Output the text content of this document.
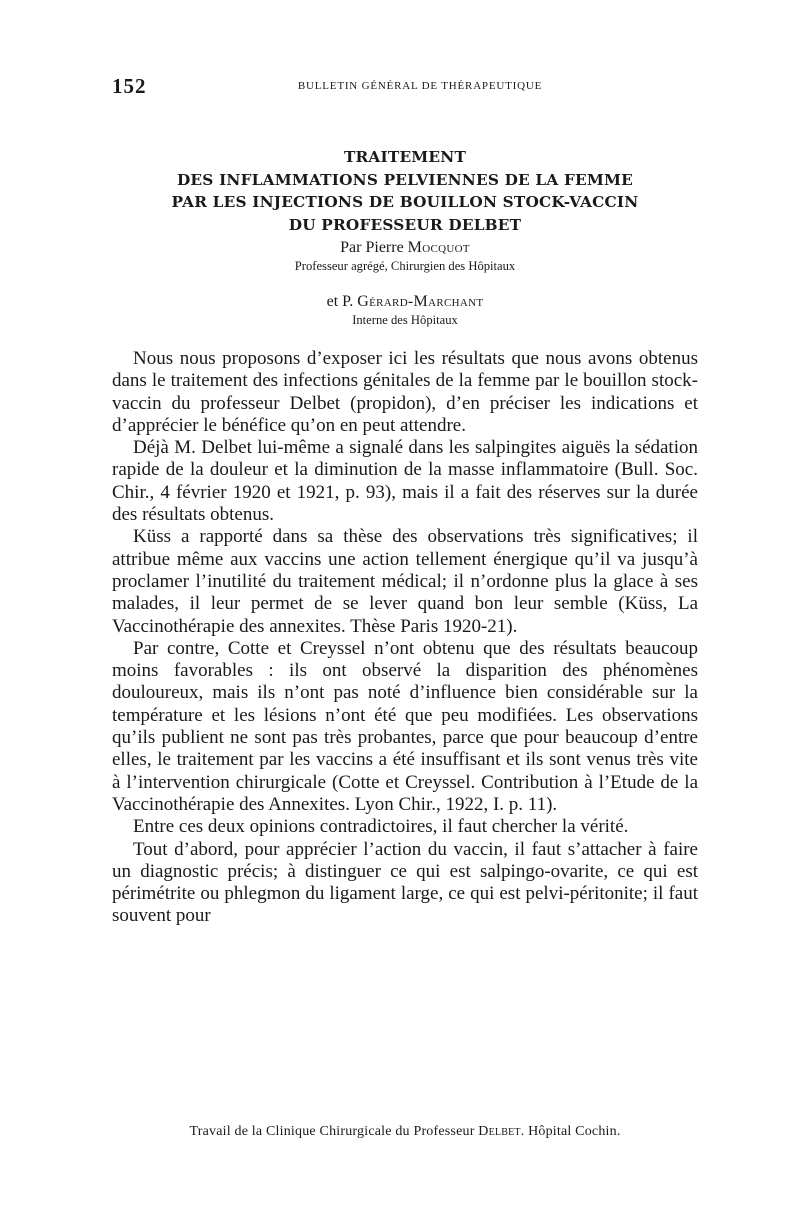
152	BULLETIN GÉNÉRAL DE THÉRAPEUTIQUE
TRAITEMENT
DES INFLAMMATIONS PELVIENNES DE LA FEMME
PAR LES INJECTIONS DE BOUILLON STOCK-VACCIN
DU PROFESSEUR DELBET
Par Pierre Mocquot
Professeur agrégé, Chirurgien des Hôpitaux
et P. Gérard-Marchant
Interne des Hôpitaux

Nous nous proposons d’exposer ici les résultats que nous avons obtenus dans le traitement des infections génitales de la femme par le bouillon stock-vaccin du professeur Delbet (propidon), d’en préciser les indications et d’apprécier le bénéfice qu’on en peut attendre.

Déjà M. Delbet lui-même a signalé dans les salpingites aiguës la sédation rapide de la douleur et la diminution de la masse inflammatoire (Bull. Soc. Chir., 4 février 1920 et 1921, p. 93), mais il a fait des réserves sur la durée des résultats obtenus.

Küss a rapporté dans sa thèse des observations très significatives; il attribue même aux vaccins une action tellement énergique qu’il va jusqu’à proclamer l’inutilité du traitement médical; il n’ordonne plus la glace à ses malades, il leur permet de se lever quand bon leur semble (Küss, La Vaccinothérapie des annexites. Thèse Paris 1920-21).

Par contre, Cotte et Creyssel n’ont obtenu que des résultats beaucoup moins favorables : ils ont observé la disparition des phénomènes douloureux, mais ils n’ont pas noté d’influence bien considérable sur la température et les lésions n’ont été que peu modifiées. Les observations qu’ils publient ne sont pas très probantes, parce que pour beaucoup d’entre elles, le traitement par les vaccins a été insuffisant et ils sont venus très vite à l’intervention chirurgicale (Cotte et Creyssel. Contribution à l’Etude de la Vaccinothérapie des Annexites. Lyon Chir., 1922, I. p. 11).

Entre ces deux opinions contradictoires, il faut chercher la vérité.

Tout d’abord, pour apprécier l’action du vaccin, il faut s’attacher à faire un diagnostic précis; à distinguer ce qui est salpingo-ovarite, ce qui est périmétrite ou phlegmon du ligament large, ce qui est pelvi-péritonite; il faut souvent pour

Travail de la Clinique Chirurgicale du Professeur Delbet. Hôpital Cochin.
